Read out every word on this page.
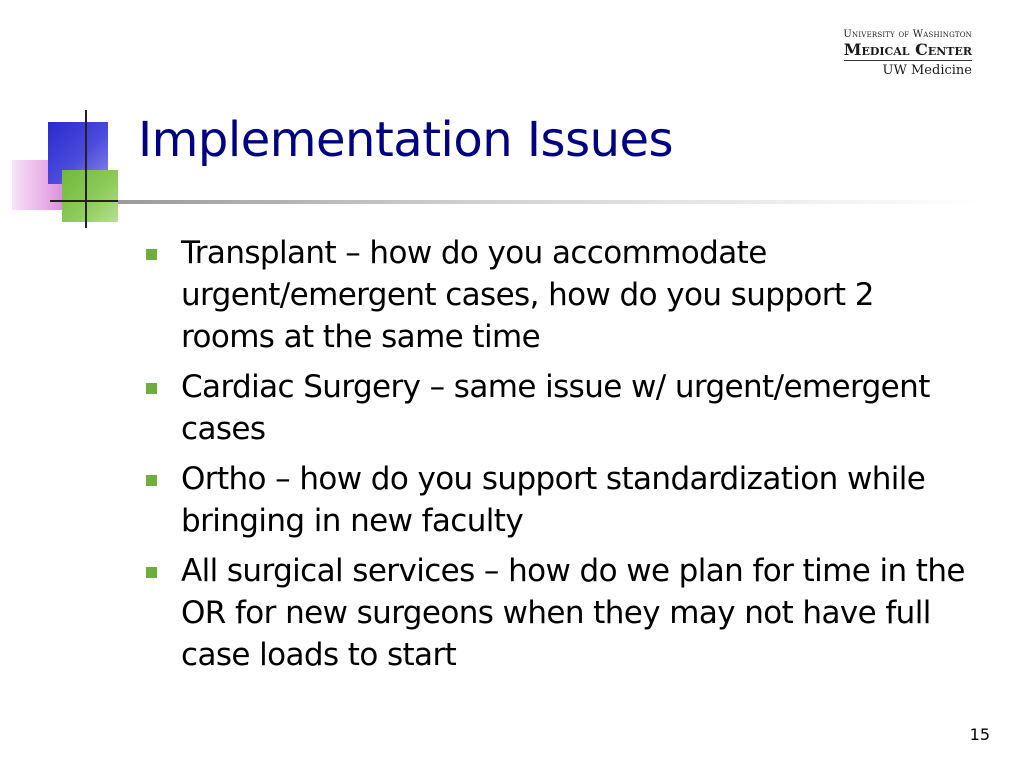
University of Washington
Medical Center
UW Medicine
Implementation Issues
Transplant – how do you accommodate urgent/emergent cases, how do you support 2 rooms at the same time
Cardiac Surgery – same issue w/ urgent/emergent cases
Ortho – how do you support standardization while bringing in new faculty
All surgical services – how do we plan for time in the OR for new surgeons when they may not have full case loads to start
15
